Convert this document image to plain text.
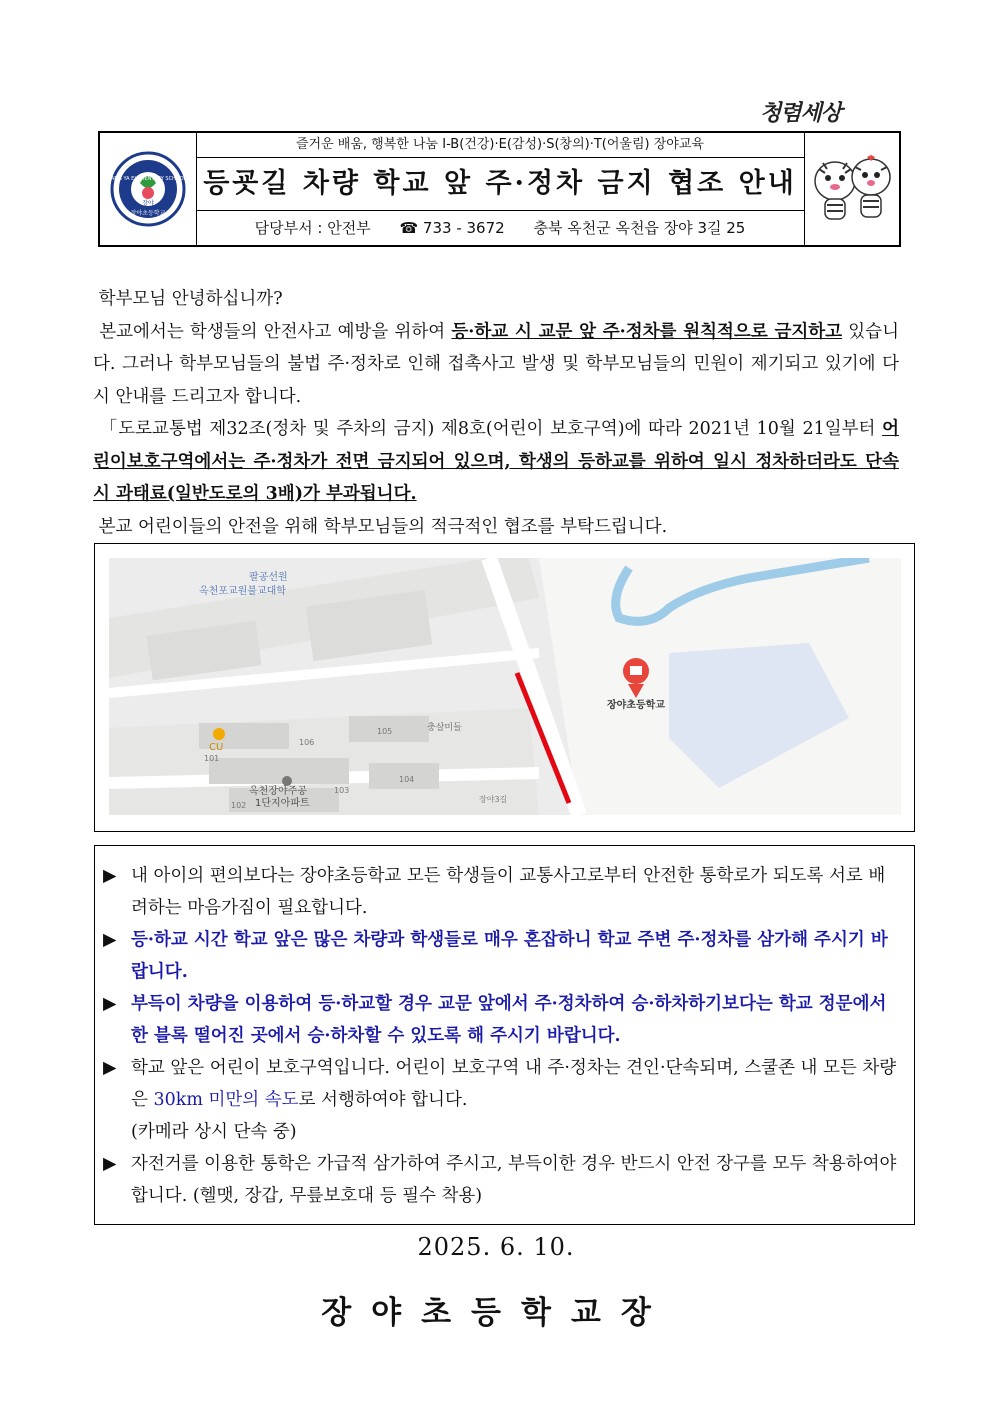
청렴세상
JANG YA ELEMENTARY SCHOOL
장야
장야초등학교
즐거운 배움, 행복한 나눔 I-B(건강)·E(감성)·S(창의)·T(어울림) 장야교육
등굣길 차량 학교 앞 주·정차 금지 협조 안내
담당부서 : 안전부 ☎ 733 - 3672 충북 옥천군 옥천읍 장야 3길 25

학부모님 안녕하십니까?

본교에서는 학생들의 안전사고 예방을 위하여 등·하교 시 교문 앞 주·정차를 원칙적으로 금지하고 있습니다. 그러나 학부모님들의 불법 주·정차로 인해 접촉사고 발생 및 학부모님들의 민원이 제기되고 있기에 다시 안내를 드리고자 합니다.

「도로교통법 제32조(정차 및 주차의 금지) 제8호(어린이 보호구역)에 따라 2021년 10월 21일부터 어린이보호구역에서는 주·정차가 전면 금지되어 있으며, 학생의 등하교를 위하여 일시 정차하더라도 단속 시 과태료(일반도로의 3배)가 부과됩니다.

본교 어린이들의 안전을 위해 학부모님들의 적극적인 협조를 부탁드립니다.

장야초등학교
팔공선원
옥천포교원불교대학
충살미들
CU
101
106
105
104
103
102
옥천장야주공
1단지아파트	장야3길
▶ 내 아이의 편의보다는 장야초등학교 모든 학생들이 교통사고로부터 안전한 통학로가 되도록 서로 배려하는 마음가짐이 필요합니다.
▶ 등·하교 시간 학교 앞은 많은 차량과 학생들로 매우 혼잡하니 학교 주변 주·정차를 삼가해 주시기 바랍니다.
▶ 부득이 차량을 이용하여 등·하교할 경우 교문 앞에서 주·정차하여 승·하차하기보다는 학교 정문에서 한 블록 떨어진 곳에서 승·하차할 수 있도록 해 주시기 바랍니다.
▶ 학교 앞은 어린이 보호구역입니다. 어린이 보호구역 내 주·정차는 견인·단속되며, 스쿨존 내 모든 차량은 30km 미만의 속도로 서행하여야 합니다.
(카메라 상시 단속 중)
▶ 자전거를 이용한 통학은 가급적 삼가하여 주시고, 부득이한 경우 반드시 안전 장구를 모두 착용하여야 합니다. (헬맷, 장갑, 무릎보호대 등 필수 착용)
2025. 6. 10.
장야초등학교장
